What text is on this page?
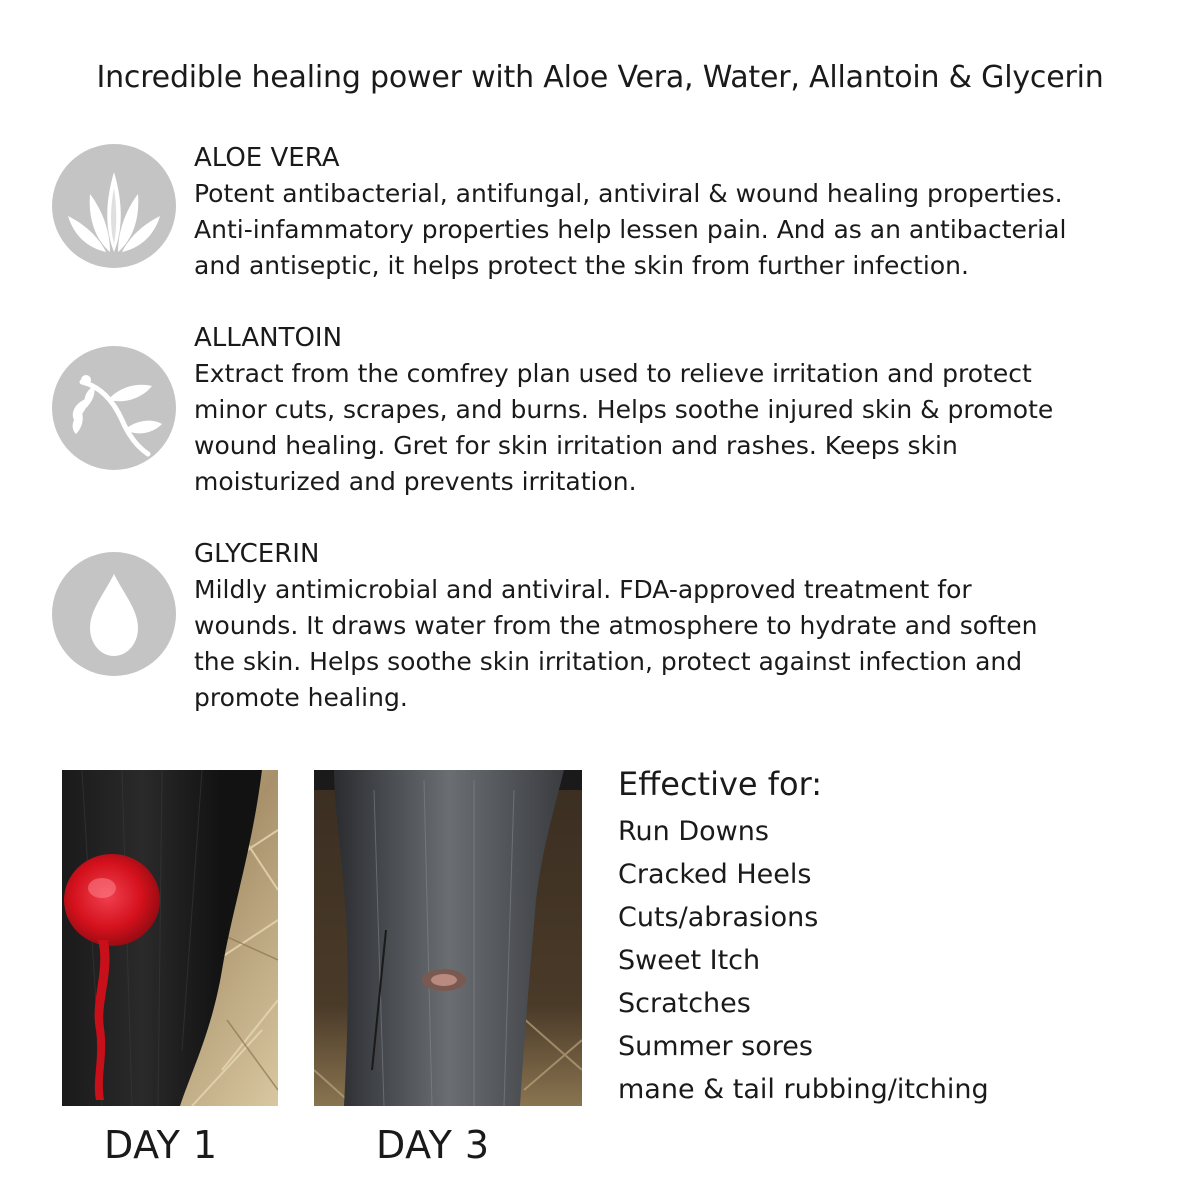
Incredible healing power with Aloe Vera, Water, Allantoin & Glycerin
ALOE VERA
Potent antibacterial, antifungal, antiviral & wound healing properties.
Anti-infammatory properties help lessen pain. And as an antibacterial
and antiseptic, it helps protect the skin from further infection.
ALLANTOIN
Extract from the comfrey plan used to relieve irritation and protect
minor cuts, scrapes, and burns. Helps soothe injured skin & promote
wound healing. Gret for skin irritation and rashes. Keeps skin
moisturized and prevents irritation.
GLYCERIN
Mildly antimicrobial and antiviral. FDA-approved treatment for
wounds. It draws water from the atmosphere to hydrate and soften
the skin. Helps soothe skin irritation, protect against infection and
promote healing.
DAY 1	DAY 3
Effective for:
Run Downs
Cracked Heels
Cuts/abrasions
Sweet Itch
Scratches
Summer sores
mane & tail rubbing/itching
